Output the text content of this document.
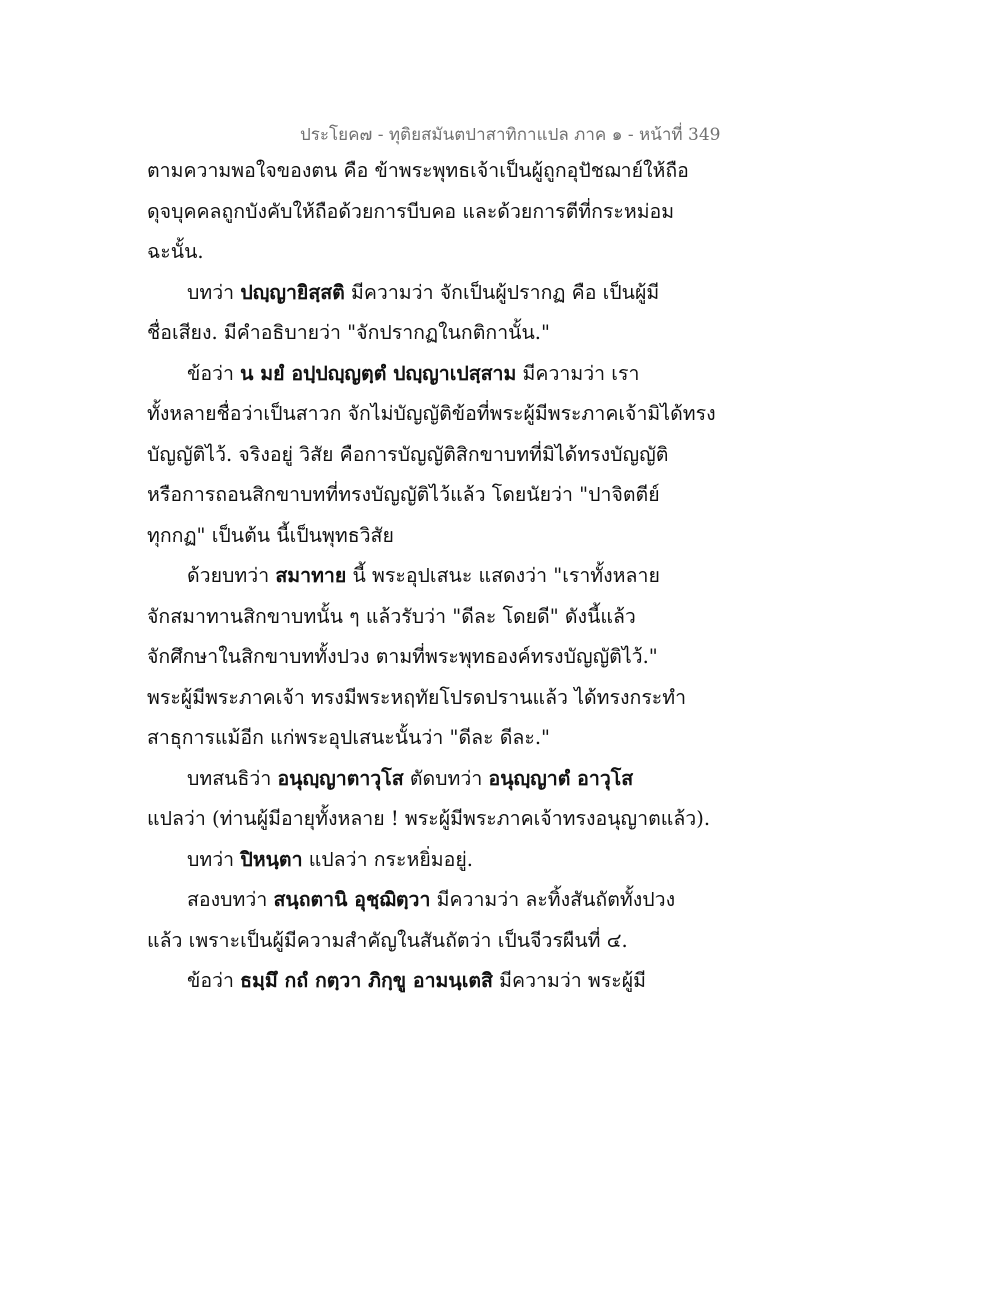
ประโยค๗ - ทุติยสมันตปาสาทิกาแปล ภาค ๑ - หน้าที่ 349
ตามความพอใจของตน คือ ข้าพระพุทธเจ้าเป็นผู้ถูกอุปัชฌาย์ให้ถือ
ดุจบุคคลถูกบังคับให้ถือด้วยการบีบคอ และด้วยการตีที่กระหม่อม
ฉะนั้น.
บทว่า ปญฺญายิสฺสติ มีความว่า จักเป็นผู้ปรากฏ คือ เป็นผู้มี
ชื่อเสียง. มีคำอธิบายว่า "จักปรากฏในกติกานั้น."
ข้อว่า น มยํ อปฺปญฺญตฺตํ ปญฺญาเปสฺสาม มีความว่า เรา
ทั้งหลายชื่อว่าเป็นสาวก จักไม่บัญญัติข้อที่พระผู้มีพระภาคเจ้ามิได้ทรง
บัญญัติไว้. จริงอยู่ วิสัย คือการบัญญัติสิกขาบทที่มิได้ทรงบัญญัติ
หรือการถอนสิกขาบทที่ทรงบัญญัติไว้แล้ว โดยนัยว่า "ปาจิตตีย์
ทุกกฏ" เป็นต้น นี้เป็นพุทธวิสัย
ด้วยบทว่า สมาทาย นี้ พระอุปเสนะ แสดงว่า "เราทั้งหลาย
จักสมาทานสิกขาบทนั้น ๆ แล้วรับว่า "ดีละ โดยดี" ดังนี้แล้ว
จักศึกษาในสิกขาบททั้งปวง ตามที่พระพุทธองค์ทรงบัญญัติไว้."
พระผู้มีพระภาคเจ้า ทรงมีพระหฤทัยโปรดปรานแล้ว ได้ทรงกระทำ
สาธุการแม้อีก แก่พระอุปเสนะนั้นว่า "ดีละ ดีละ."
บทสนธิว่า อนุญฺญาตาวุโส ตัดบทว่า อนุญฺญาตํ อาวุโส
แปลว่า (ท่านผู้มีอายุทั้งหลาย ! พระผู้มีพระภาคเจ้าทรงอนุญาตแล้ว).
บทว่า ปิหนฺตา แปลว่า กระหยิ่มอยู่.
สองบทว่า สนฺถตานิ อุชฺฌิตฺวา มีความว่า ละทิ้งสันถัตทั้งปวง
แล้ว เพราะเป็นผู้มีความสำคัญในสันถัตว่า เป็นจีวรผืนที่ ๔.
ข้อว่า ธมฺมึ กถํ กตฺวา ภิกฺขู อามนฺเตสิ มีความว่า พระผู้มี
